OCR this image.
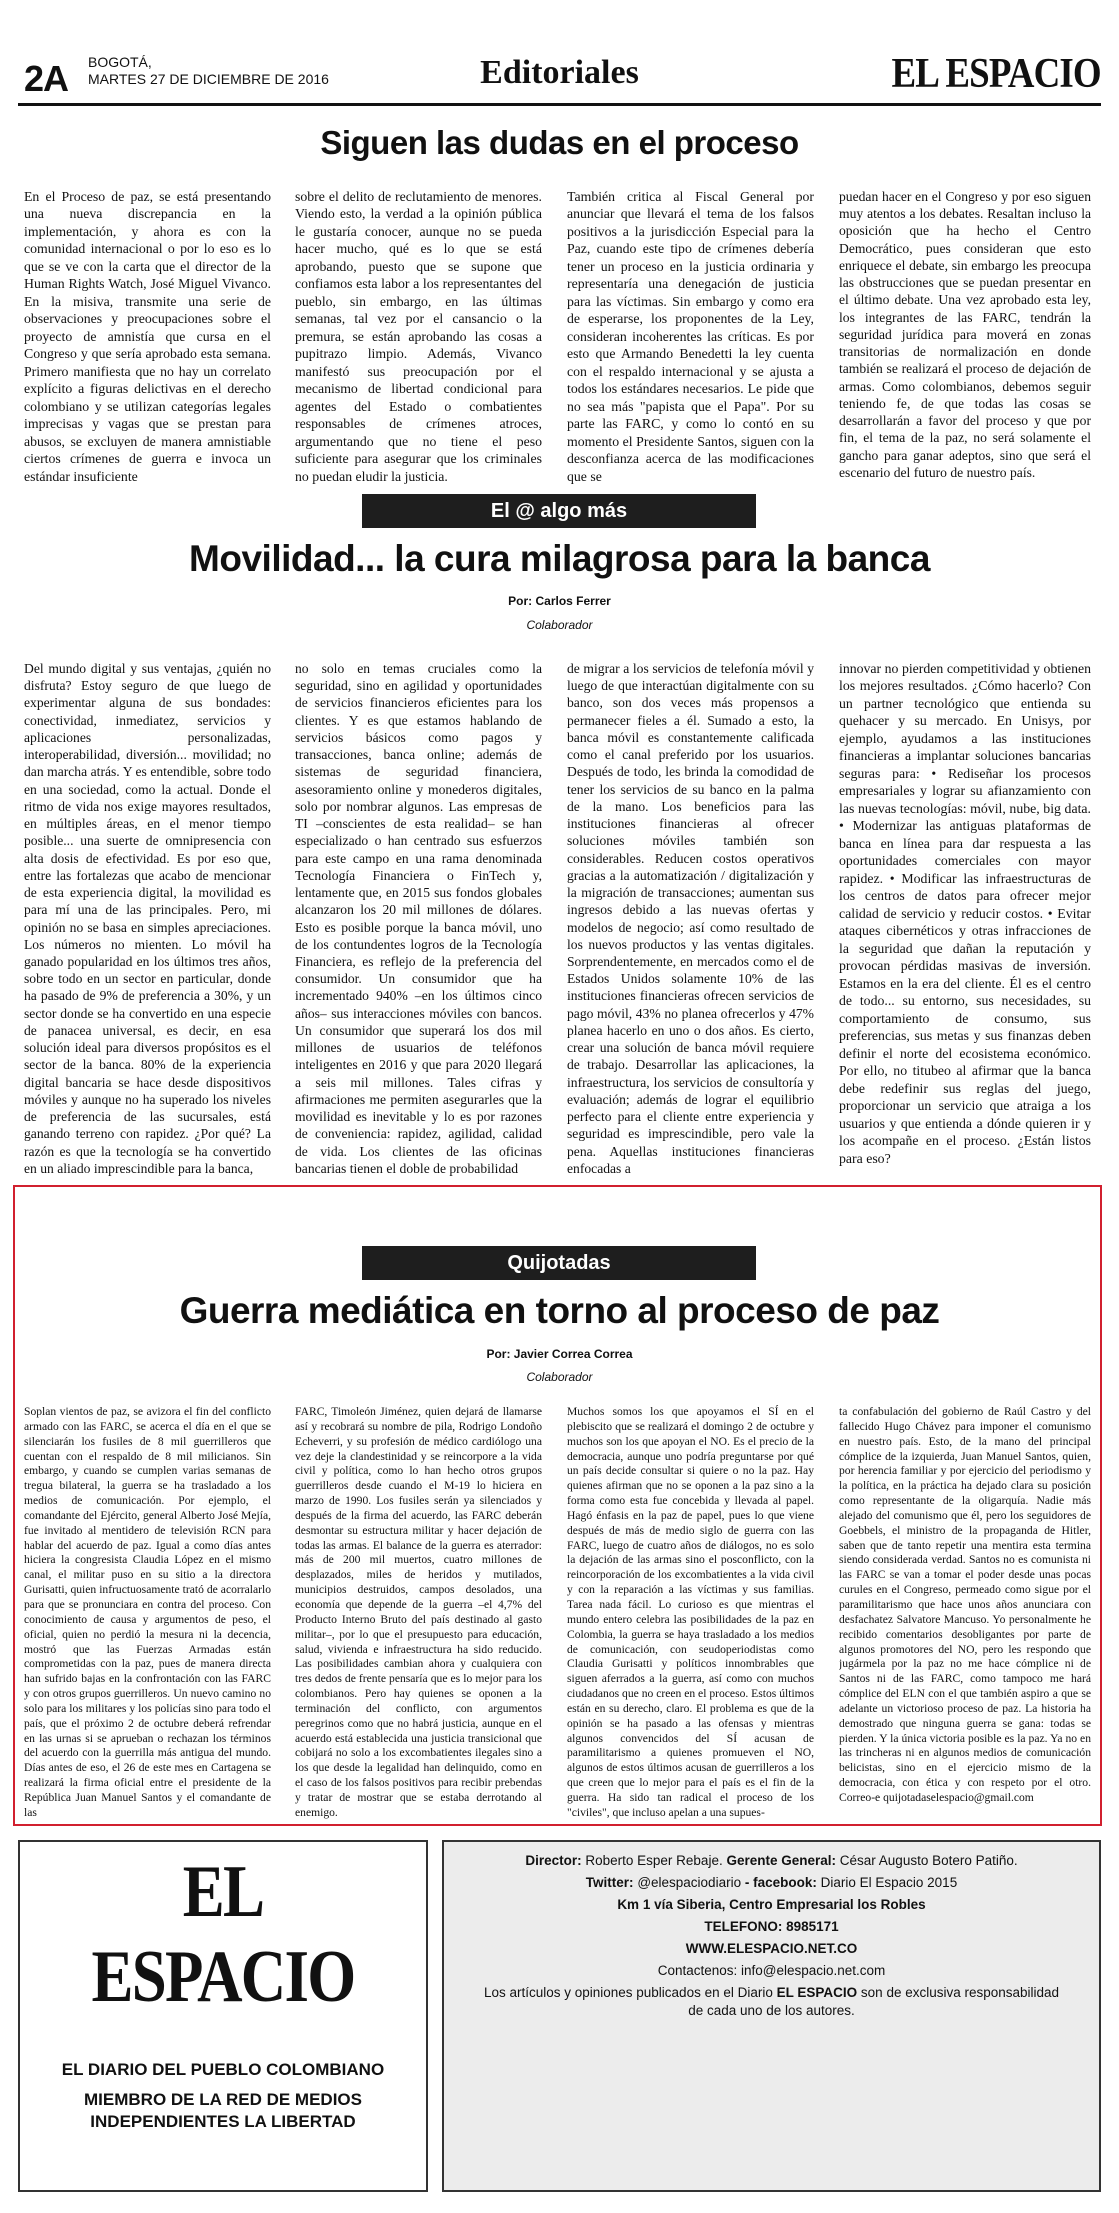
2A BOGOTÁ,
MARTES 27 DE DICIEMBRE DE 2016	Editoriales	EL ESPACIO
Siguen las dudas en el proceso

En el Proceso de paz, se está presentando una nueva discrepancia en la implementación, y ahora es con la comunidad internacional o por lo eso es lo que se ve con la carta que el director de la Human Rights Watch, José Miguel Vivanco. En la misiva, transmite una serie de observaciones y preocupaciones sobre el proyecto de amnistía que cursa en el Congreso y que sería aprobado esta semana. Primero manifiesta que no hay un correlato explícito a figuras delictivas en el derecho colombiano y se utilizan categorías legales imprecisas y vagas que se prestan para abusos, se excluyen de manera amnistiable ciertos crímenes de guerra e invoca un estándar insuficiente

sobre el delito de reclutamiento de menores. Viendo esto, la verdad a la opinión pública le gustaría conocer, aunque no se pueda hacer mucho, qué es lo que se está aprobando, puesto que se supone que confiamos esta labor a los representantes del pueblo, sin embargo, en las últimas semanas, tal vez por el cansancio o la premura, se están aprobando las cosas a pupitrazo limpio. Además, Vivanco manifestó sus preocupación por el mecanismo de libertad condicional para agentes del Estado o combatientes responsables de crímenes atroces, argumentando que no tiene el peso suficiente para asegurar que los criminales no puedan eludir la justicia.

También critica al Fiscal General por anunciar que llevará el tema de los falsos positivos a la jurisdicción Especial para la Paz, cuando este tipo de crímenes debería tener un proceso en la justicia ordinaria y representaría una denegación de justicia para las víctimas. Sin embargo y como era de esperarse, los proponentes de la Ley, consideran incoherentes las críticas. Es por esto que Armando Benedetti la ley cuenta con el respaldo internacional y se ajusta a todos los estándares necesarios. Le pide que no sea más "papista que el Papa". Por su parte las FARC, y como lo contó en su momento el Presidente Santos, siguen con la desconfianza acerca de las modificaciones que se

puedan hacer en el Congreso y por eso siguen muy atentos a los debates. Resaltan incluso la oposición que ha hecho el Centro Democrático, pues consideran que esto enriquece el debate, sin embargo les preocupa las obstrucciones que se puedan presentar en el último debate. Una vez aprobado esta ley, los integrantes de las FARC, tendrán la seguridad jurídica para moverá en zonas transitorias de normalización en donde también se realizará el proceso de dejación de armas. Como colombianos, debemos seguir teniendo fe, de que todas las cosas se desarrollarán a favor del proceso y que por fin, el tema de la paz, no será solamente el gancho para ganar adeptos, sino que será el escenario del futuro de nuestro país.

El @ algo más
Movilidad... la cura milagrosa para la banca
Por: Carlos Ferrer
Colaborador

Del mundo digital y sus ventajas, ¿quién no disfruta? Estoy seguro de que luego de experimentar alguna de sus bondades: conectividad, inmediatez, servicios y aplicaciones personalizadas, interoperabilidad, diversión... movilidad; no dan marcha atrás. Y es entendible, sobre todo en una sociedad, como la actual. Donde el ritmo de vida nos exige mayores resultados, en múltiples áreas, en el menor tiempo posible... una suerte de omnipresencia con alta dosis de efectividad. Es por eso que, entre las fortalezas que acabo de mencionar de esta experiencia digital, la movilidad es para mí una de las principales. Pero, mi opinión no se basa en simples apreciaciones. Los números no mienten. Lo móvil ha ganado popularidad en los últimos tres años, sobre todo en un sector en particular, donde ha pasado de 9% de preferencia a 30%, y un sector donde se ha convertido en una especie de panacea universal, es decir, en esa solución ideal para diversos propósitos es el sector de la banca. 80% de la experiencia digital bancaria se hace desde dispositivos móviles y aunque no ha superado los niveles de preferencia de las sucursales, está ganando terreno con rapidez. ¿Por qué? La razón es que la tecnología se ha convertido en un aliado imprescindible para la banca,

no solo en temas cruciales como la seguridad, sino en agilidad y oportunidades de servicios financieros eficientes para los clientes. Y es que estamos hablando de servicios básicos como pagos y transacciones, banca online; además de sistemas de seguridad financiera, asesoramiento online y monederos digitales, solo por nombrar algunos. Las empresas de TI –conscientes de esta realidad– se han especializado o han centrado sus esfuerzos para este campo en una rama denominada Tecnología Financiera o FinTech y, lentamente que, en 2015 sus fondos globales alcanzaron los 20 mil millones de dólares. Esto es posible porque la banca móvil, uno de los contundentes logros de la Tecnología Financiera, es reflejo de la preferencia del consumidor. Un consumidor que ha incrementado 940% –en los últimos cinco años– sus interacciones móviles con bancos. Un consumidor que superará los dos mil millones de usuarios de teléfonos inteligentes en 2016 y que para 2020 llegará a seis mil millones. Tales cifras y afirmaciones me permiten asegurarles que la movilidad es inevitable y lo es por razones de conveniencia: rapidez, agilidad, calidad de vida. Los clientes de las oficinas bancarias tienen el doble de probabilidad

de migrar a los servicios de telefonía móvil y luego de que interactúan digitalmente con su banco, son dos veces más propensos a permanecer fieles a él. Sumado a esto, la banca móvil es constantemente calificada como el canal preferido por los usuarios. Después de todo, les brinda la comodidad de tener los servicios de su banco en la palma de la mano. Los beneficios para las instituciones financieras al ofrecer soluciones móviles también son considerables. Reducen costos operativos gracias a la automatización / digitalización y la migración de transacciones; aumentan sus ingresos debido a las nuevas ofertas y modelos de negocio; así como resultado de los nuevos productos y las ventas digitales. Sorprendentemente, en mercados como el de Estados Unidos solamente 10% de las instituciones financieras ofrecen servicios de pago móvil, 43% no planea ofrecerlos y 47% planea hacerlo en uno o dos años. Es cierto, crear una solución de banca móvil requiere de trabajo. Desarrollar las aplicaciones, la infraestructura, los servicios de consultoría y evaluación; además de lograr el equilibrio perfecto para el cliente entre experiencia y seguridad es imprescindible, pero vale la pena. Aquellas instituciones financieras enfocadas a

innovar no pierden competitividad y obtienen los mejores resultados. ¿Cómo hacerlo? Con un partner tecnológico que entienda su quehacer y su mercado. En Unisys, por ejemplo, ayudamos a las instituciones financieras a implantar soluciones bancarias seguras para: • Rediseñar los procesos empresariales y lograr su afianzamiento con las nuevas tecnologías: móvil, nube, big data. • Modernizar las antiguas plataformas de banca en línea para dar respuesta a las oportunidades comerciales con mayor rapidez. • Modificar las infraestructuras de los centros de datos para ofrecer mejor calidad de servicio y reducir costos. • Evitar ataques cibernéticos y otras infracciones de la seguridad que dañan la reputación y provocan pérdidas masivas de inversión. Estamos en la era del cliente. Él es el centro de todo... su entorno, sus necesidades, su comportamiento de consumo, sus preferencias, sus metas y sus finanzas deben definir el norte del ecosistema económico. Por ello, no titubeo al afirmar que la banca debe redefinir sus reglas del juego, proporcionar un servicio que atraiga a los usuarios y que entienda a dónde quieren ir y los acompañe en el proceso. ¿Están listos para eso?

Quijotadas
Guerra mediática en torno al proceso de paz
Por: Javier Correa Correa
Colaborador

Soplan vientos de paz, se avizora el fin del conflicto armado con las FARC, se acerca el día en el que se silenciarán los fusiles de 8 mil guerrilleros que cuentan con el respaldo de 8 mil milicianos. Sin embargo, y cuando se cumplen varias semanas de tregua bilateral, la guerra se ha trasladado a los medios de comunicación. Por ejemplo, el comandante del Ejército, general Alberto José Mejía, fue invitado al mentidero de televisión RCN para hablar del acuerdo de paz. Igual a como días antes hiciera la congresista Claudia López en el mismo canal, el militar puso en su sitio a la directora Gurisatti, quien infructuosamente trató de acorralarlo para que se pronunciara en contra del proceso. Con conocimiento de causa y argumentos de peso, el oficial, quien no perdió la mesura ni la decencia, mostró que las Fuerzas Armadas están comprometidas con la paz, pues de manera directa han sufrido bajas en la confrontación con las FARC y con otros grupos guerrilleros. Un nuevo camino no solo para los militares y los policías sino para todo el país, que el próximo 2 de octubre deberá refrendar en las urnas si se aprueban o rechazan los términos del acuerdo con la guerrilla más antigua del mundo. Días antes de eso, el 26 de este mes en Cartagena se realizará la firma oficial entre el presidente de la República Juan Manuel Santos y el comandante de las

FARC, Timoleón Jiménez, quien dejará de llamarse así y recobrará su nombre de pila, Rodrigo Londoño Echeverri, y su profesión de médico cardiólogo una vez deje la clandestinidad y se reincorpore a la vida civil y política, como lo han hecho otros grupos guerrilleros desde cuando el M-19 lo hiciera en marzo de 1990. Los fusiles serán ya silenciados y después de la firma del acuerdo, las FARC deberán desmontar su estructura militar y hacer dejación de todas las armas. El balance de la guerra es aterrador: más de 200 mil muertos, cuatro millones de desplazados, miles de heridos y mutilados, municipios destruidos, campos desolados, una economía que depende de la guerra –el 4,7% del Producto Interno Bruto del país destinado al gasto militar–, por lo que el presupuesto para educación, salud, vivienda e infraestructura ha sido reducido. Las posibilidades cambian ahora y cualquiera con tres dedos de frente pensaría que es lo mejor para los colombianos. Pero hay quienes se oponen a la terminación del conflicto, con argumentos peregrinos como que no habrá justicia, aunque en el acuerdo está establecida una justicia transicional que cobijará no solo a los excombatientes ilegales sino a los que desde la legalidad han delinquido, como en el caso de los falsos positivos para recibir prebendas y tratar de mostrar que se estaba derrotando al enemigo.

Muchos somos los que apoyamos el SÍ en el plebiscito que se realizará el domingo 2 de octubre y muchos son los que apoyan el NO. Es el precio de la democracia, aunque uno podría preguntarse por qué un país decide consultar si quiere o no la paz. Hay quienes afirman que no se oponen a la paz sino a la forma como esta fue concebida y llevada al papel. Hagó énfasis en la paz de papel, pues lo que viene después de más de medio siglo de guerra con las FARC, luego de cuatro años de diálogos, no es solo la dejación de las armas sino el posconflicto, con la reincorporación de los excombatientes a la vida civil y con la reparación a las víctimas y sus familias. Tarea nada fácil. Lo curioso es que mientras el mundo entero celebra las posibilidades de la paz en Colombia, la guerra se haya trasladado a los medios de comunicación, con seudoperiodistas como Claudia Gurisatti y políticos innombrables que siguen aferrados a la guerra, así como con muchos ciudadanos que no creen en el proceso. Estos últimos están en su derecho, claro. El problema es que de la opinión se ha pasado a las ofensas y mientras algunos convencidos del SÍ acusan de paramilitarismo a quienes promueven el NO, algunos de estos últimos acusan de guerrilleros a los que creen que lo mejor para el país es el fin de la guerra. Ha sido tan radical el proceso de los "civiles", que incluso apelan a una supues-

ta confabulación del gobierno de Raúl Castro y del fallecido Hugo Chávez para imponer el comunismo en nuestro país. Esto, de la mano del principal cómplice de la izquierda, Juan Manuel Santos, quien, por herencia familiar y por ejercicio del periodismo y la política, en la práctica ha dejado clara su posición como representante de la oligarquía. Nadie más alejado del comunismo que él, pero los seguidores de Goebbels, el ministro de la propaganda de Hitler, saben que de tanto repetir una mentira esta termina siendo considerada verdad. Santos no es comunista ni las FARC se van a tomar el poder desde unas pocas curules en el Congreso, permeado como sigue por el paramilitarismo que hace unos años anunciara con desfachatez Salvatore Mancuso. Yo personalmente he recibido comentarios desobligantes por parte de algunos promotores del NO, pero les respondo que jugármela por la paz no me hace cómplice ni de Santos ni de las FARC, como tampoco me hará cómplice del ELN con el que también aspiro a que se adelante un victorioso proceso de paz. La historia ha demostrado que ninguna guerra se gana: todas se pierden. Y la única victoria posible es la paz. Ya no en las trincheras ni en algunos medios de comunicación belicistas, sino en el ejercicio mismo de la democracia, con ética y con respeto por el otro. Correo-e quijotadaselespacio@gmail.com

EL ESPACIO
EL DIARIO DEL PUEBLO COLOMBIANO
MIEMBRO DE LA RED DE MEDIOS
INDEPENDIENTES LA LIBERTAD
Director: Roberto Esper Rebaje. Gerente General: César Augusto Botero Patiño.
Twitter: @elespaciodiario - facebook: Diario El Espacio 2015
Km 1 vía Siberia, Centro Empresarial los Robles
TELEFONO: 8985171
WWW.ELESPACIO.NET.CO
Contactenos: info@elespacio.net.com
Los artículos y opiniones publicados en el Diario EL ESPACIO son de exclusiva responsabilidad
de cada uno de los autores.
